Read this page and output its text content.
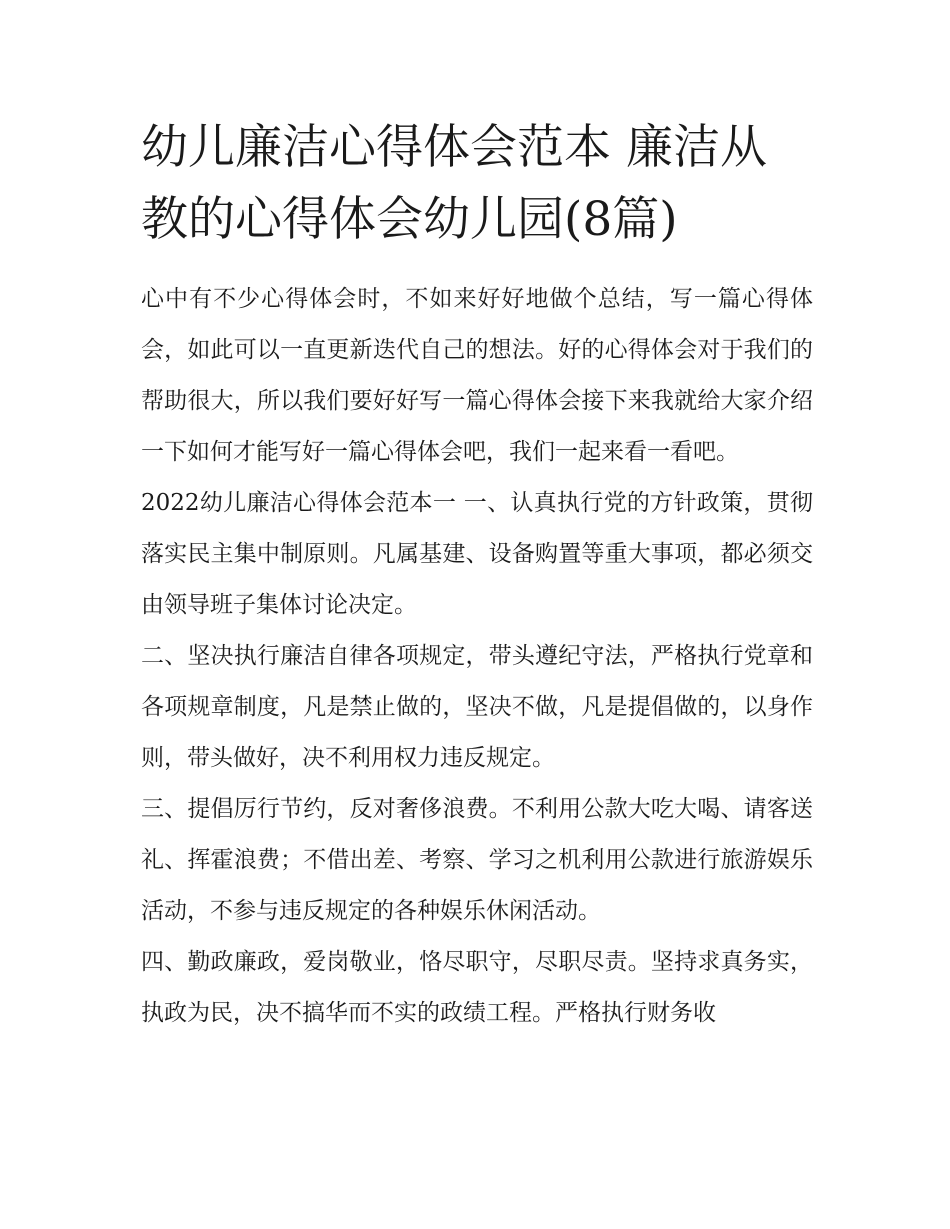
幼儿廉洁心得体会范本 廉洁从教的心得体会幼儿园(8篇)

心中有不少心得体会时，不如来好好地做个总结，写一篇心得体会，如此可以一直更新迭代自己的想法。好的心得体会对于我们的帮助很大，所以我们要好好写一篇心得体会接下来我就给大家介绍一下如何才能写好一篇心得体会吧，我们一起来看一看吧。

2022幼儿廉洁心得体会范本一 一、认真执行党的方针政策，贯彻落实民主集中制原则。凡属基建、设备购置等重大事项，都必须交由领导班子集体讨论决定。

二、坚决执行廉洁自律各项规定，带头遵纪守法，严格执行党章和各项规章制度，凡是禁止做的，坚决不做，凡是提倡做的，以身作则，带头做好，决不利用权力违反规定。

三、提倡厉行节约，反对奢侈浪费。不利用公款大吃大喝、请客送礼、挥霍浪费；不借出差、考察、学习之机利用公款进行旅游娱乐活动，不参与违反规定的各种娱乐休闲活动。

四、勤政廉政，爱岗敬业，恪尽职守，尽职尽责。坚持求真务实，执政为民，决不搞华而不实的政绩工程。严格执行财务收
